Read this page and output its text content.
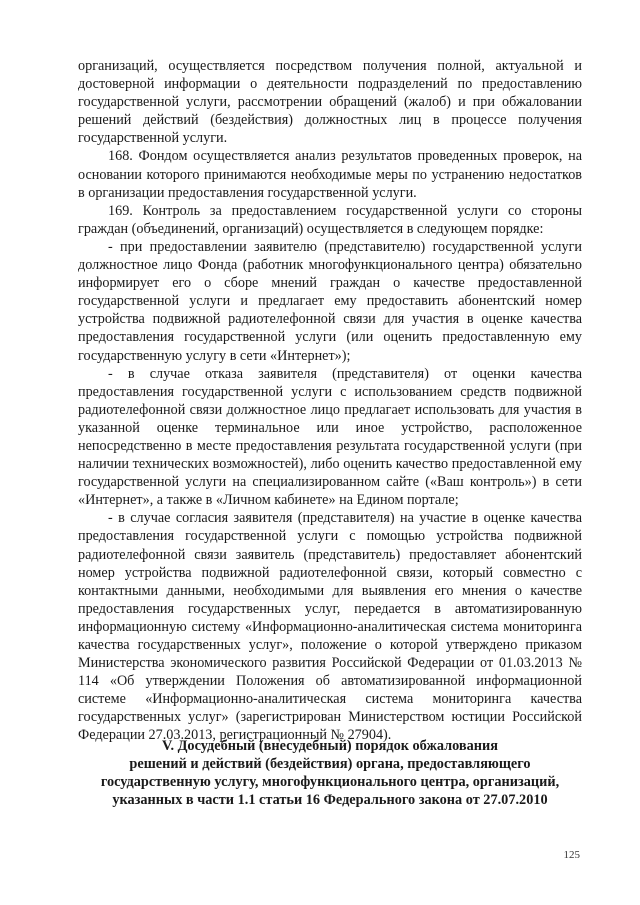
организаций, осуществляется посредством получения полной, актуальной и достоверной информации о деятельности подразделений по предоставлению государственной услуги, рассмотрении обращений (жалоб) и при обжаловании решений действий (бездействия) должностных лиц в процессе получения государственной услуги.

168. Фондом осуществляется анализ результатов проведенных проверок, на основании которого принимаются необходимые меры по устранению недостатков в организации предоставления государственной услуги.

169. Контроль за предоставлением государственной услуги со стороны граждан (объединений, организаций) осуществляется в следующем порядке:

- при предоставлении заявителю (представителю) государственной услуги должностное лицо Фонда (работник многофункционального центра) обязательно информирует его о сборе мнений граждан о качестве предоставленной государственной услуги и предлагает ему предоставить абонентский номер устройства подвижной радиотелефонной связи для участия в оценке качества предоставления государственной услуги (или оценить предоставленную ему государственную услугу в сети «Интернет»);

- в случае отказа заявителя (представителя) от оценки качества предоставления государственной услуги с использованием средств подвижной радиотелефонной связи должностное лицо предлагает использовать для участия в указанной оценке терминальное или иное устройство, расположенное непосредственно в месте предоставления результата государственной услуги (при наличии технических возможностей), либо оценить качество предоставленной ему государственной услуги на специализированном сайте («Ваш контроль») в сети «Интернет», а также в «Личном кабинете» на Едином портале;

- в случае согласия заявителя (представителя) на участие в оценке качества предоставления государственной услуги с помощью устройства подвижной радиотелефонной связи заявитель (представитель) предоставляет абонентский номер устройства подвижной радиотелефонной связи, который совместно с контактными данными, необходимыми для выявления его мнения о качестве предоставления государственных услуг, передается в автоматизированную информационную систему «Информационно-аналитическая система мониторинга качества государственных услуг», положение о которой утверждено приказом Министерства экономического развития Российской Федерации от 01.03.2013 № 114 «Об утверждении Положения об автоматизированной информационной системе «Информационно-аналитическая система мониторинга качества государственных услуг» (зарегистрирован Министерством юстиции Российской Федерации 27.03.2013, регистрационный № 27904).

V. Досудебный (внесудебный) порядок обжалования
решений и действий (бездействия) органа, предоставляющего
государственную услугу, многофункционального центра, организаций,
указанных в части 1.1 статьи 16 Федерального закона от 27.07.2010
125
